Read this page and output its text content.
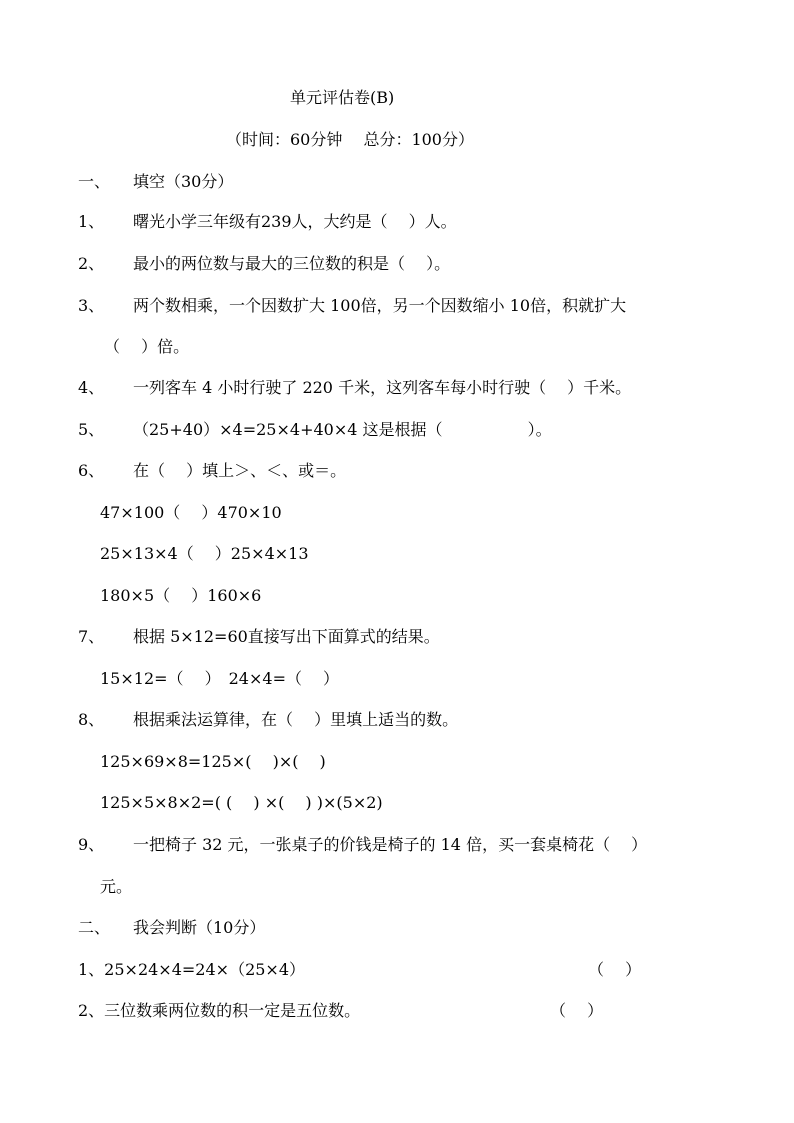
单元评估卷(B)
（时间：60分钟　 总分：100分）
一、 填空（30分）
1、 曙光小学三年级有239人，大约是（　 ）人。
2、 最小的两位数与最大的三位数的积是（　 ）。
3、 两个数相乘，一个因数扩大 100倍，另一个因数缩小 10倍，积就扩大
（　 ）倍。
4、 一列客车 4 小时行驶了 220 千米，这列客车每小时行驶（　 ）千米。
5、 （25+40）×4=25×4+40×4 这是根据（　　　　　 ）。
6、 在（　 ）填上＞、＜、或＝。
47×100（　 ）470×10
25×13×4（　 ）25×4×13
180×5（　 ）160×6
7、 根据 5×12=60直接写出下面算式的结果。
15×12=（　 ）　24×4=（　 ）
8、 根据乘法运算律，在（　 ）里填上适当的数。
125×69×8=125×(　 )×(　 )
125×5×8×2=( (　 ) ×(　 ) )×(5×2)
9、 一把椅子 32 元，一张桌子的价钱是椅子的 14 倍，买一套桌椅花（　 ）
元。
二、 我会判断（10分）
1、25×24×4=24×（25×4）	（　 ）
2、三位数乘两位数的积一定是五位数。	（　 ）
